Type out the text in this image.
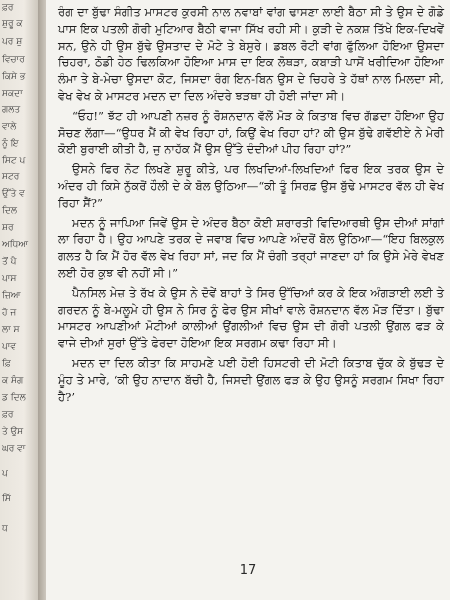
ਫ਼ਰ
ਸ਼ੁਰੂ ਕ
ਪਰ ਸ਼ੁ
ਵਿਚਾਰ
ਕਿਸੇ ਭ
ਸਕਦਾ
ਗਲਤ
ਵਾਲੇ
ਨੂੰ ਇ
ਸਿਟ ਪ
ਸਟਰ
ਉੱਤੇ ਵ
ਦਿਲ
ਸ਼ਰ
ਅਧਿਆ
ਤੋਂ ਪੈ
ਪਾਸ
ਜ਼ਿਆ
ਹੋ ਜ
ਲਾ ਸ
ਪਾਵ
ਫ਼ਿ
ਕ ਸੰਗ
ਡ ਦਿਲ
ਫ਼ਰ
ਤੇ ਉਸ
ਘਰ ਵਾ
ਪ
ਸਿੱ
ਧ

ਰੰਗ ਦਾ ਬੁੱਢਾ ਸੰਗੀਤ ਮਾਸਟਰ ਕੁਰਸੀ ਨਾਲ ਨਵਾਬਾਂ ਵਾਂਗ ਢਾਸਣਾ ਲਾਈ ਬੈਠਾ ਸੀ ਤੇ ਉਸ ਦੇ ਗੋਡੇ ਪਾਸ ਇਕ ਪਤਲੀ ਗੋਰੀ ਮੁਟਿਆਰ ਬੈਠੀ ਵਾਜਾ ਸਿੱਖ ਰਹੀ ਸੀ। ਕੁੜੀ ਦੇ ਨਕਸ਼ ਤਿੱਖੇ ਇਕ-ਦਿਖਵੇਂ ਸਨ, ਉਨੇ ਹੀ ਉਸ ਬੁੱਢੇ ਉਸਤਾਦ ਦੇ ਮੋਟੇ ਤੇ ਬੇਸੁਰੇ। ਡਬਲ ਰੋਟੀ ਵਾਂਗ ਫੁੱਲਿਆ ਹੋਇਆ ਉਸਦਾ ਚਿਹਰਾ, ਠੋਡੀ ਹੇਠ ਢਿਲਕਿਆ ਹੋਇਆ ਮਾਸ ਦਾ ਇਕ ਲੋਥੜਾ, ਕਬਾੜੀ ਪਾਸੋਂ ਖਰੀਦਿਆ ਹੋਇਆ ਲੰਮਾ ਤੇ ਬੇ-ਮੇਚਾ ਉਸਦਾ ਕੋਟ, ਜਿਸਦਾ ਰੰਗ ਇਨ-ਬਿਨ ਉਸ ਦੇ ਚਿਹਰੇ ਤੇ ਹੱਥਾਂ ਨਾਲ ਮਿਲਦਾ ਸੀ, ਵੇਖ ਵੇਖ ਕੇ ਮਾਸਟਰ ਮਦਨ ਦਾ ਦਿਲ ਅੰਦਰੇ ਝੜਥਾ ਹੀ ਹੋਈ ਜਾਂਦਾ ਸੀ।

“ਓਹ!” ਝੱਟ ਹੀ ਆਪਣੀ ਨਜ਼ਰ ਨੂੰ ਰੋਸ਼ਨਦਾਨ ਵੱਲੋਂ ਮੋੜ ਕੇ ਕਿਤਾਬ ਵਿਚ ਗੱਡਦਾ ਹੋਇਆ ਉਹ ਸੋਚਣ ਲੱਗਾ—“ਉਧਰ ਮੈਂ ਕੀ ਵੇਖ ਰਿਹਾ ਹਾਂ, ਕਿਉਂ ਵੇਖ ਰਿਹਾ ਹਾਂ? ਕੀ ਉਸ ਬੁੱਢੇ ਗਵੱਈਏ ਨੇ ਮੇਰੀ ਕੋਈ ਬੁਰਾਈ ਕੀਤੀ ਹੈ, ਜੁ ਨਾਹੱਕ ਮੈਂ ਉਸ ਉੱਤੇ ਦੰਦੀਆਂ ਪੀਹ ਰਿਹਾ ਹਾਂ?”

ਉਸਨੇ ਫਿਰ ਨੋਟ ਲਿਖਣੇ ਸ਼ੁਰੂ ਕੀਤੇ, ਪਰ ਲਿਖਦਿਆਂ-ਲਿਖਦਿਆਂ ਫਿਰ ਇਕ ਤਰਕ ਉਸ ਦੇ ਅੰਦਰ ਹੀ ਕਿਸੇ ਨੁੱਕਰੋਂ ਹੌਲੀ ਦੇ ਕੇ ਬੋਲ ਉਠਿਆ—“ਕੀ ਤੂੰ ਸਿਰਫ਼ ਉਸ ਬੁੱਢੇ ਮਾਸਟਰ ਵੱਲ ਹੀ ਵੇਖ ਰਿਹਾ ਸੈਂ?”

ਮਦਨ ਨੂੰ ਜਾਪਿਆ ਜਿਵੇਂ ਉਸ ਦੇ ਅੰਦਰ ਬੈਠਾ ਕੋਈ ਸ਼ਰਾਰਤੀ ਵਿਦਿਆਰਥੀ ਉਸ ਦੀਆਂ ਸਾਂਗਾਂ ਲਾ ਰਿਹਾ ਹੈ। ਉਹ ਆਪਣੇ ਤਰਕ ਦੇ ਜਵਾਬ ਵਿਚ ਆਪਣੇ ਅੰਦਰੋਂ ਬੋਲ ਉਠਿਆ—“ਇਹ ਬਿਲਕੁਲ ਗਲਤ ਹੈ ਕਿ ਮੈਂ ਹੋਰ ਵੱਲ ਵੇਖ ਰਿਹਾ ਸਾਂ, ਜਦ ਕਿ ਮੈਂ ਚੰਗੀ ਤਰ੍ਹਾਂ ਜਾਣਦਾ ਹਾਂ ਕਿ ਉਸੇ ਮੇਰੇ ਵੇਖਣ ਲਈ ਹੋਰ ਕੁਝ ਵੀ ਨਹੀਂ ਸੀ।”

ਪੈਨਸਿਲ ਮੇਜ਼ ਤੇ ਰੱਖ ਕੇ ਉਸ ਨੇ ਦੋਵੇਂ ਬਾਹਾਂ ਤੇ ਸਿਰ ਉੱਚਿਆਂ ਕਰ ਕੇ ਇਕ ਅੰਗੜਾਈ ਲਈ ਤੇ ਗਰਦਨ ਨੂੰ ਬੇ-ਮਲੂਮੇ ਹੀ ਉਸ ਨੇ ਸਿਰ ਨੂੰ ਫੇਰ ਉਸ ਸੀਖਾਂ ਵਾਲੇ ਰੋਸ਼ਨਦਾਨ ਵੱਲ ਮੋੜ ਦਿੱਤਾ। ਬੁੱਢਾ ਮਾਸਟਰ ਆਪਣੀਆਂ ਮੋਟੀਆਂ ਕਾਲੀਆਂ ਉਂਗਲੀਆਂ ਵਿਚ ਉਸ ਦੀ ਗੋਰੀ ਪਤਲੀ ਉਂਗਲ ਫੜ ਕੇ ਵਾਜੇ ਦੀਆਂ ਸੁਰਾਂ ਉੱਤੇ ਫੇਰਦਾ ਹੋਇਆ ਇਕ ਸਰਗਮ ਕਢਾ ਰਿਹਾ ਸੀ।

ਮਦਨ ਦਾ ਦਿਲ ਕੀਤਾ ਕਿ ਸਾਹਮਣੇ ਪਈ ਹੋਈ ਹਿਸਟਰੀ ਦੀ ਮੋਟੀ ਕਿਤਾਬ ਚੁੱਕ ਕੇ ਬੁੱਢੜ ਦੇ ਮੂੰਹ ਤੇ ਮਾਰੇ, ‘ਕੀ ਉਹ ਨਾਦਾਨ ਬੱਚੀ ਹੈ, ਜਿਸਦੀ ਉਂਗਲ ਫੜ ਕੇ ਉਹ ਉਸਨੂੰ ਸਰਗਮ ਸਿਖਾ ਰਿਹਾ ਹੈ?’

17
